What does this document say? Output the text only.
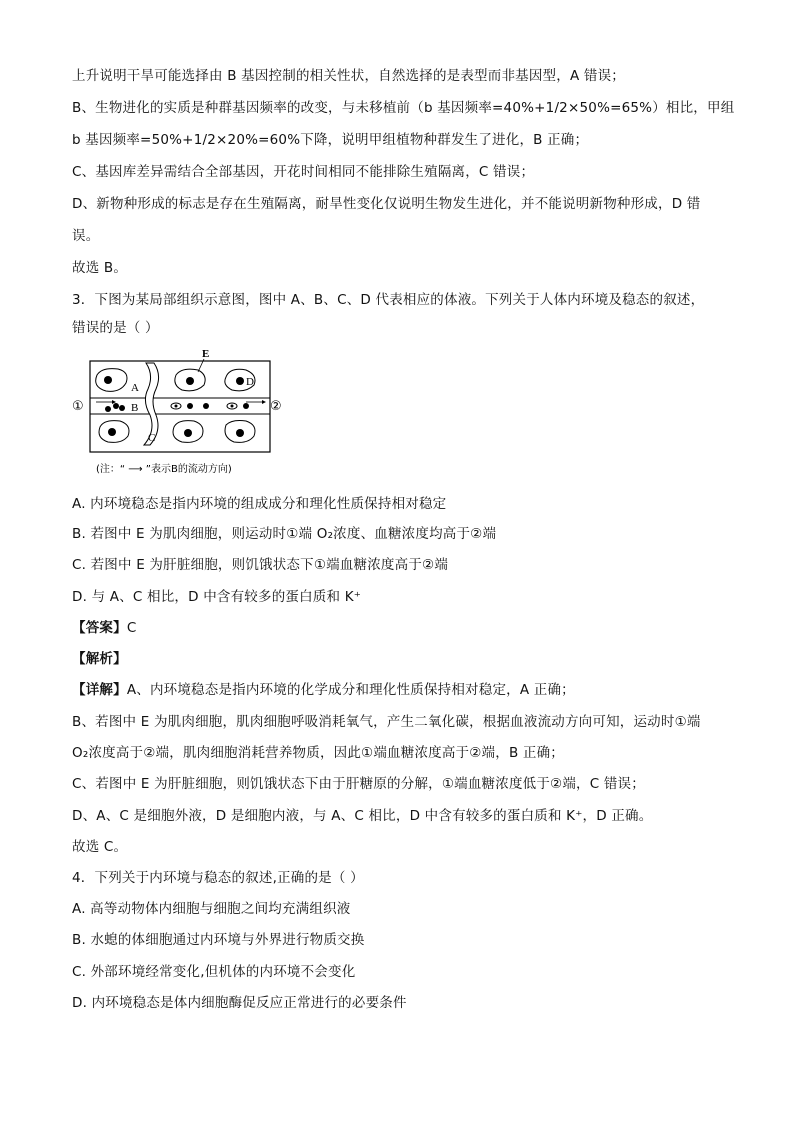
上升说明干旱可能选择由 B 基因控制的相关性状，自然选择的是表型而非基因型，A 错误；
B、生物进化的实质是种群基因频率的改变，与未移植前（b 基因频率=40%+1/2×50%=65%）相比，甲组
b 基因频率=50%+1/2×20%=60%下降，说明甲组植物种群发生了进化，B 正确；
C、基因库差异需结合全部基因，开花时间相同不能排除生殖隔离，C 错误；
D、新物种形成的标志是存在生殖隔离，耐旱性变化仅说明生物发生进化，并不能说明新物种形成，D 错
误。
故选 B。
3．下图为某局部组织示意图，图中 A、B、C、D 代表相应的体液。下列关于人体内环境及稳态的叙述，
错误的是（ ）
E
A
B
C
D
①	②
(注：“ ⟶ ”表示B的流动方向)
A. 内环境稳态是指内环境的组成成分和理化性质保持相对稳定
B. 若图中 E 为肌肉细胞，则运动时①端 O₂浓度、血糖浓度均高于②端
C. 若图中 E 为肝脏细胞，则饥饿状态下①端血糖浓度高于②端
D. 与 A、C 相比，D 中含有较多的蛋白质和 K⁺
【答案】C
【解析】
【详解】A、内环境稳态是指内环境的化学成分和理化性质保持相对稳定，A 正确；
B、若图中 E 为肌肉细胞，肌肉细胞呼吸消耗氧气，产生二氧化碳，根据血液流动方向可知，运动时①端
O₂浓度高于②端，肌肉细胞消耗营养物质，因此①端血糖浓度高于②端，B 正确；
C、若图中 E 为肝脏细胞，则饥饿状态下由于肝糖原的分解，①端血糖浓度低于②端，C 错误；
D、A、C 是细胞外液，D 是细胞内液，与 A、C 相比，D 中含有较多的蛋白质和 K⁺，D 正确。
故选 C。
4．下列关于内环境与稳态的叙述,正确的是（ ）
A. 高等动物体内细胞与细胞之间均充满组织液
B. 水螅的体细胞通过内环境与外界进行物质交换
C. 外部环境经常变化,但机体的内环境不会变化
D. 内环境稳态是体内细胞酶促反应正常进行的必要条件
